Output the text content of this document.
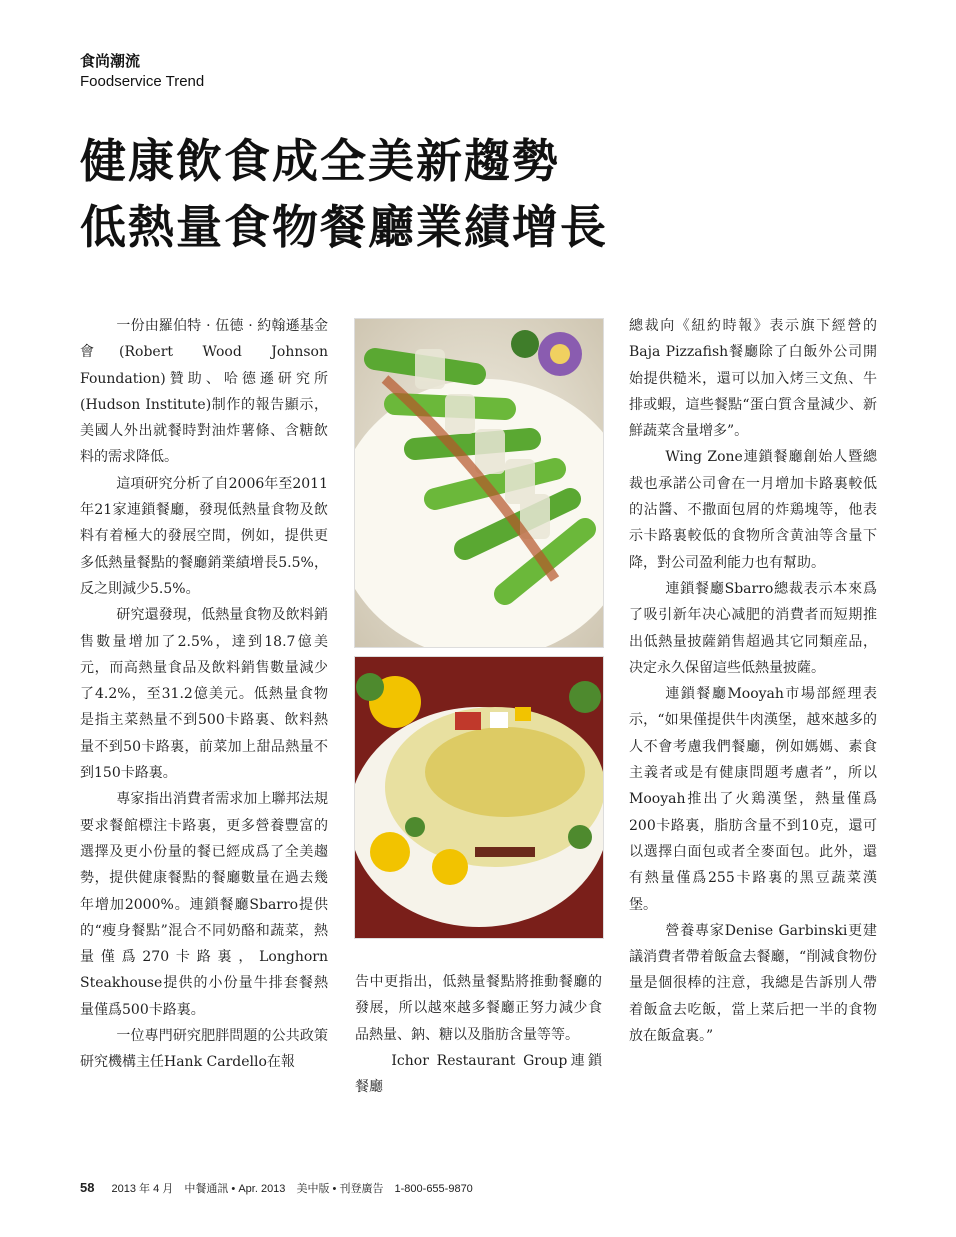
食尚潮流
Foodservice Trend
健康飲食成全美新趨勢
低熱量食物餐廳業績增長

一份由羅伯特 · 伍德 · 約翰遜基金會(Robert Wood Johnson Foundation)贊助、哈德遜研究所(Hudson Institute)制作的報告顯示，美國人外出就餐時對油炸薯條、含糖飲料的需求降低。

這項研究分析了自2006年至2011年21家連鎖餐廳，發現低熱量食物及飲料有着極大的發展空間，例如，提供更多低熱量餐點的餐廳銷業績增長5.5%，反之則減少5.5%。

研究還發現，低熱量食物及飲料銷售數量增加了2.5%，達到18.7億美元，而高熱量食品及飲料銷售數量減少了4.2%，至31.2億美元。低熱量食物是指主菜熱量不到500卡路裏、飲料熱量不到50卡路裏，前菜加上甜品熱量不到150卡路裏。

專家指出消費者需求加上聯邦法規要求餐館標注卡路裏，更多營養豐富的選擇及更小份量的餐已經成爲了全美趨勢，提供健康餐點的餐廳數量在過去幾年增加2000%。連鎖餐廳Sbarro提供的“瘦身餐點”混合不同奶酪和蔬菜，熱量僅爲270卡路裏，Longhorn Steakhouse提供的小份量牛排套餐熱量僅爲500卡路裏。

一位專門研究肥胖問題的公共政策研究機構主任Hank Cardello在報

告中更指出，低熱量餐點將推動餐廳的發展，所以越來越多餐廳正努力減少食品熱量、鈉、糖以及脂肪含量等等。

Ichor Restaurant Group連鎖餐廳

總裁向《紐約時報》表示旗下經營的Baja Pizzafish餐廳除了白飯外公司開始提供糙米，還可以加入烤三文魚、牛排或蝦，這些餐點“蛋白質含量減少、新鮮蔬菜含量增多”。

Wing Zone連鎖餐廳創始人暨總裁也承諾公司會在一月增加卡路裏較低的沾醬、不撒面包屑的炸鶏塊等，他表示卡路裏較低的食物所含黄油等含量下降，對公司盈利能力也有幫助。

連鎖餐廳Sbarro總裁表示本來爲了吸引新年决心减肥的消費者而短期推出低熱量披薩銷售超過其它同類産品，决定永久保留這些低熱量披薩。

連鎖餐廳Mooyah市場部經理表示，“如果僅提供牛肉漢堡，越來越多的人不會考慮我們餐廳，例如媽媽、素食主義者或是有健康問題考慮者”，所以Mooyah推出了火鶏漢堡，熱量僅爲200卡路裏，脂肪含量不到10克，還可以選擇白面包或者全麥面包。此外，還有熱量僅爲255卡路裏的黑豆蔬菜漢堡。

營養專家Denise Garbinski更建議消費者帶着飯盒去餐廳，“削減食物份量是個很棒的注意，我總是告訴別人帶着飯盒去吃飯，當上菜后把一半的食物放在飯盒裏。”

58 2013 年 4 月 中餐通訊 • Apr. 2013 美中版 • 刊登廣告 1-800-655-9870
